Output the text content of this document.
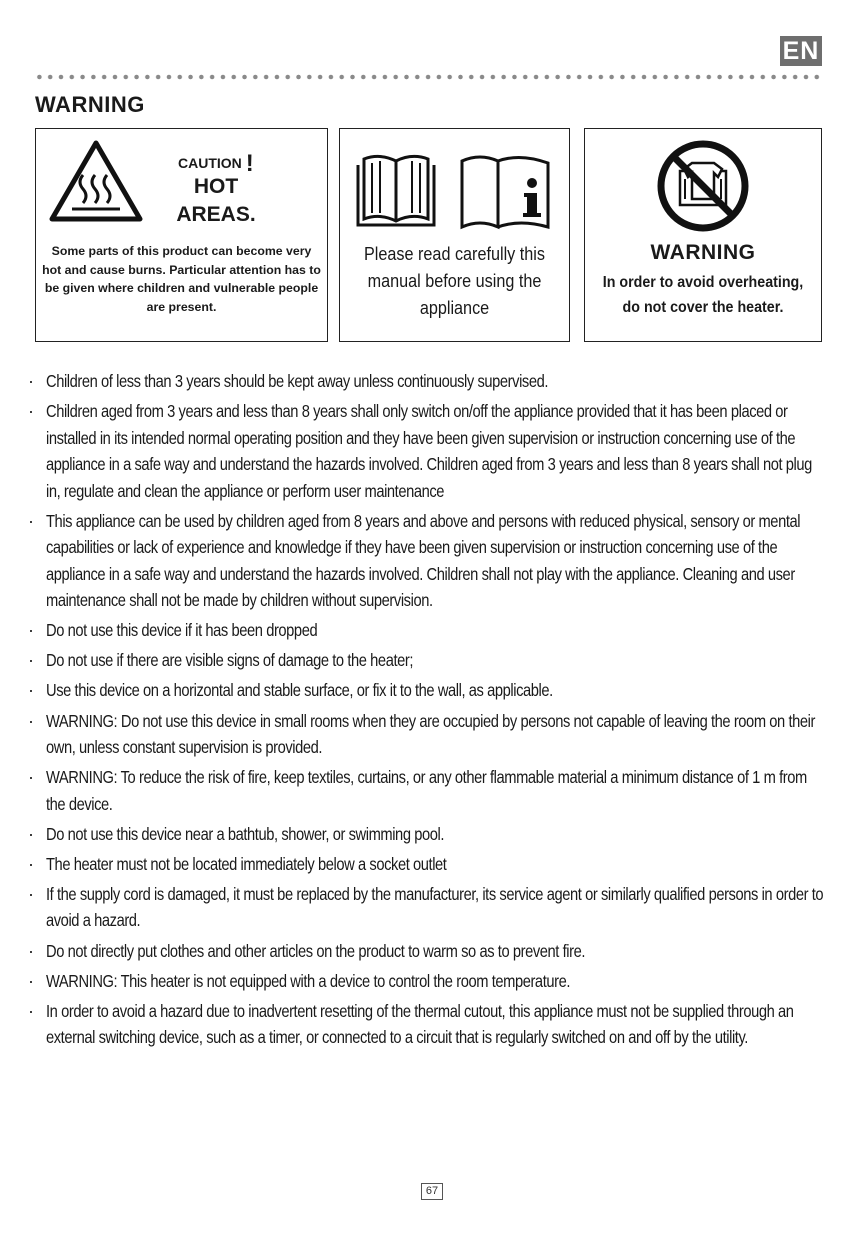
EN
WARNING
CAUTION !
HOT AREAS.
Some parts of this product can become very hot and cause burns. Particular attention has to be given where children and vulnerable people are present.
Please read carefully this manual before using the appliance
WARNING
In order to avoid overheating, do not cover the heater.
· Children of less than 3 years should be kept away unless continuously supervised.
· Children aged from 3 years and less than 8 years shall only switch on/off the appliance provided that it has been placed or installed in its intended normal operating position and they have been given supervision or instruction concerning use of the appliance in a safe way and understand the hazards involved. Children aged from 3 years and less than 8 years shall not plug in, regulate and clean the appliance or perform user maintenance
· This appliance can be used by children aged from 8 years and above and persons with reduced physical, sensory or mental capabilities or lack of experience and knowledge if they have been given supervision or instruction concerning use of the appliance in a safe way and understand the hazards involved. Children shall not play with the appliance. Cleaning and user maintenance shall not be made by children without supervision.
· Do not use this device if it has been dropped
· Do not use if there are visible signs of damage to the heater;
· Use this device on a horizontal and stable surface, or fix it to the wall, as applicable.
· WARNING: Do not use this device in small rooms when they are occupied by persons not capable of leaving the room on their own, unless constant supervision is provided.
· WARNING: To reduce the risk of fire, keep textiles, curtains, or any other flammable material a minimum distance of 1 m from the device.
· Do not use this device near a bathtub, shower, or swimming pool.
· The heater must not be located immediately below a socket outlet
· If the supply cord is damaged, it must be replaced by the manufacturer, its service agent or similarly qualified persons in order to avoid a hazard.
· Do not directly put clothes and other articles on the product to warm so as to prevent fire.
· WARNING: This heater is not equipped with a device to control the room temperature.
· In order to avoid a hazard due to inadvertent resetting of the thermal cutout, this appliance must not be supplied through an external switching device, such as a timer, or connected to a circuit that is regularly switched on and off by the utility.
67
